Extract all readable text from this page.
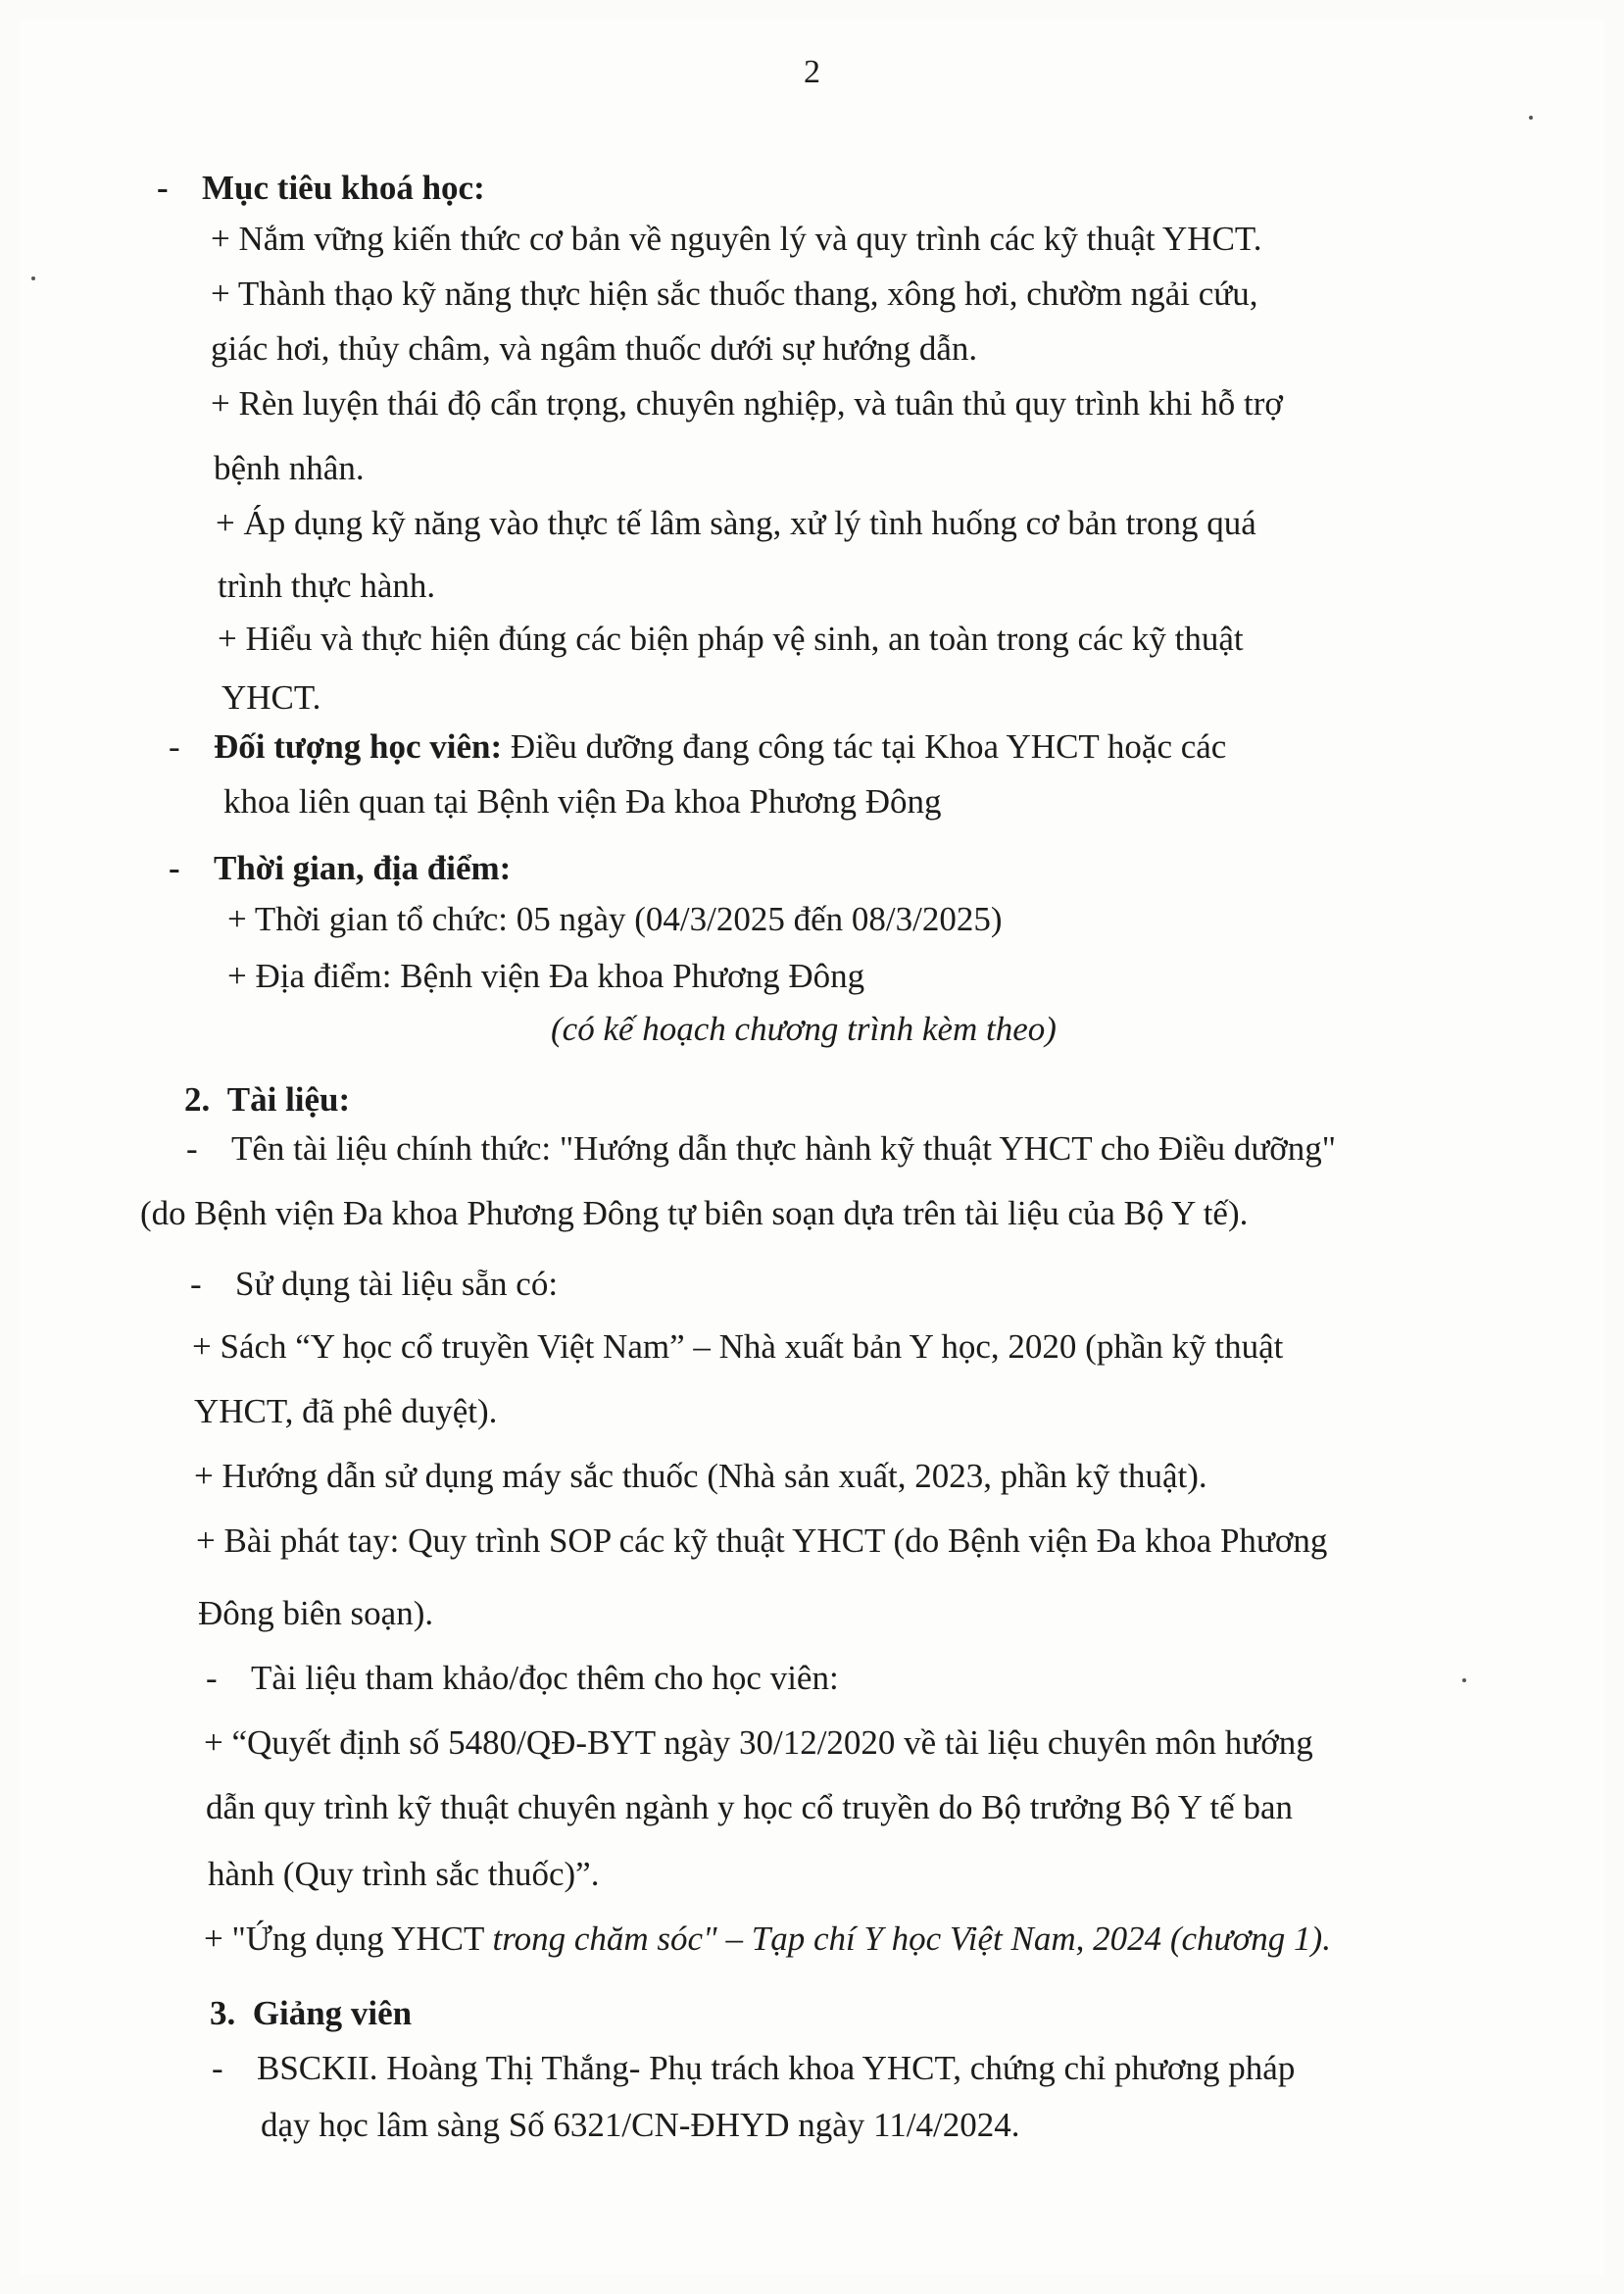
2
- Mục tiêu khoá học:
+ Nắm vững kiến thức cơ bản về nguyên lý và quy trình các kỹ thuật YHCT.
+ Thành thạo kỹ năng thực hiện sắc thuốc thang, xông hơi, chườm ngải cứu,
giác hơi, thủy châm, và ngâm thuốc dưới sự hướng dẫn.
+ Rèn luyện thái độ cẩn trọng, chuyên nghiệp, và tuân thủ quy trình khi hỗ trợ
bệnh nhân.
+ Áp dụng kỹ năng vào thực tế lâm sàng, xử lý tình huống cơ bản trong quá
trình thực hành.
+ Hiểu và thực hiện đúng các biện pháp vệ sinh, an toàn trong các kỹ thuật
YHCT.
- Đối tượng học viên: Điều dưỡng đang công tác tại Khoa YHCT hoặc các
khoa liên quan tại Bệnh viện Đa khoa Phương Đông
- Thời gian, địa điểm:
+ Thời gian tổ chức: 05 ngày (04/3/2025 đến 08/3/2025)
+ Địa điểm: Bệnh viện Đa khoa Phương Đông
(có kế hoạch chương trình kèm theo)
2. Tài liệu:
- Tên tài liệu chính thức: "Hướng dẫn thực hành kỹ thuật YHCT cho Điều dưỡng"
(do Bệnh viện Đa khoa Phương Đông tự biên soạn dựa trên tài liệu của Bộ Y tế).
- Sử dụng tài liệu sẵn có:
+ Sách “Y học cổ truyền Việt Nam” – Nhà xuất bản Y học, 2020 (phần kỹ thuật
YHCT, đã phê duyệt).
+ Hướng dẫn sử dụng máy sắc thuốc (Nhà sản xuất, 2023, phần kỹ thuật).
+ Bài phát tay: Quy trình SOP các kỹ thuật YHCT (do Bệnh viện Đa khoa Phương
Đông biên soạn).
- Tài liệu tham khảo/đọc thêm cho học viên:
+ “Quyết định số 5480/QĐ-BYT ngày 30/12/2020 về tài liệu chuyên môn hướng
dẫn quy trình kỹ thuật chuyên ngành y học cổ truyền do Bộ trưởng Bộ Y tế ban
hành (Quy trình sắc thuốc)”.
+ "Ứng dụng YHCT trong chăm sóc" – Tạp chí Y học Việt Nam, 2024 (chương 1).
3. Giảng viên
- BSCKII. Hoàng Thị Thắng- Phụ trách khoa YHCT, chứng chỉ phương pháp
dạy học lâm sàng Số 6321/CN-ĐHYD ngày 11/4/2024.
